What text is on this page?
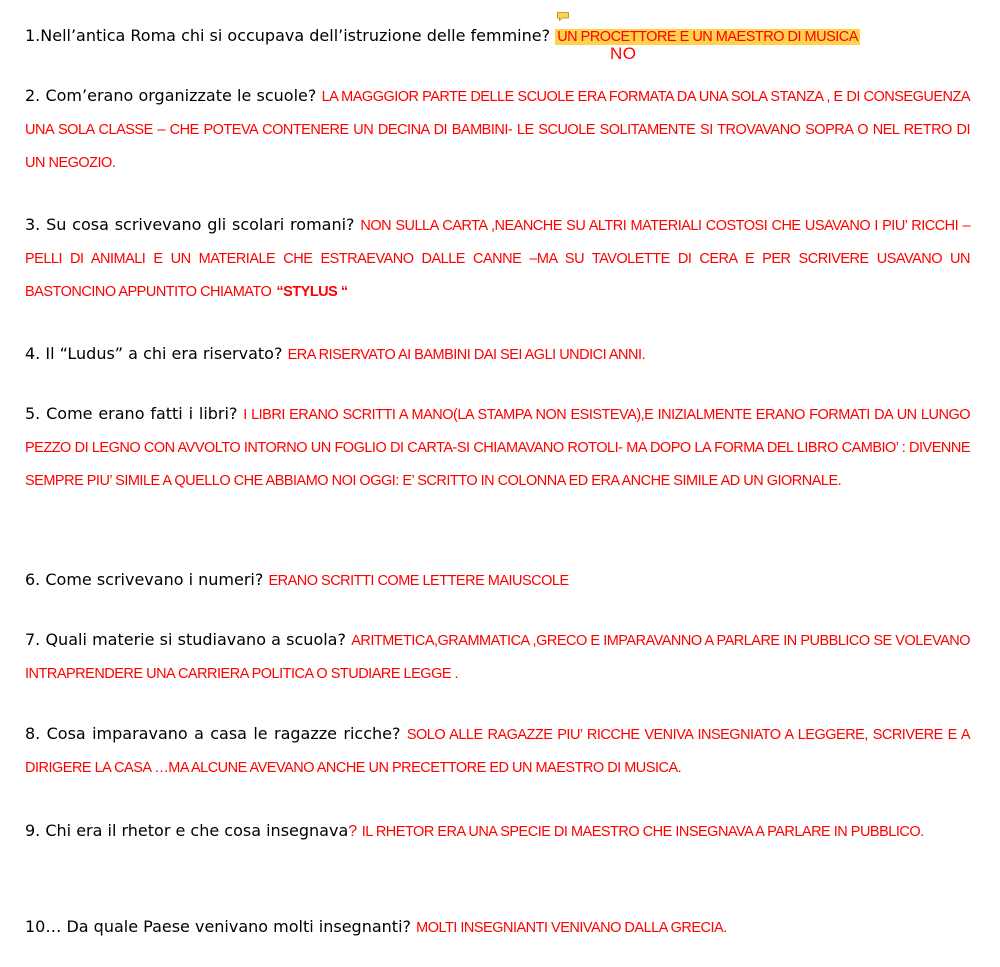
1.Nell’antica Roma chi si occupava dell’istruzione delle femmine? UN PROCETTORE E UN MAESTRO DI MUSICA
NO
2. Com’erano organizzate le scuole? LA MAGGGIOR PARTE DELLE SCUOLE ERA FORMATA DA UNA SOLA STANZA , E DI CONSEGUENZA UNA SOLA CLASSE – CHE POTEVA CONTENERE UN DECINA DI BAMBINI- LE SCUOLE SOLITAMENTE SI TROVAVANO SOPRA O NEL RETRO DI UN NEGOZIO.
3. Su cosa scrivevano gli scolari romani? NON SULLA CARTA ,NEANCHE SU ALTRI MATERIALI COSTOSI CHE USAVANO I PIU’ RICCHI – PELLI DI ANIMALI E UN MATERIALE CHE ESTRAEVANO DALLE CANNE –MA SU TAVOLETTE DI CERA E PER SCRIVERE USAVANO UN BASTONCINO APPUNTITO CHIAMATO “STYLUS “
4. Il “Ludus” a chi era riservato? ERA RISERVATO AI BAMBINI DAI SEI AGLI UNDICI ANNI.
5. Come erano fatti i libri? I LIBRI ERANO SCRITTI A MANO(LA STAMPA NON ESISTEVA),E INIZIALMENTE ERANO FORMATI DA UN LUNGO PEZZO DI LEGNO CON AVVOLTO INTORNO UN FOGLIO DI CARTA-SI CHIAMAVANO ROTOLI- MA DOPO LA FORMA DEL LIBRO CAMBIO’ : DIVENNE SEMPRE PIU’ SIMILE A QUELLO CHE ABBIAMO NOI OGGI: E’ SCRITTO IN COLONNA ED ERA ANCHE SIMILE AD UN GIORNALE.
6. Come scrivevano i numeri? ERANO SCRITTI COME LETTERE MAIUSCOLE
7. Quali materie si studiavano a scuola? ARITMETICA,GRAMMATICA ,GRECO E IMPARAVANNO A PARLARE IN PUBBLICO SE VOLEVANO INTRAPRENDERE UNA CARRIERA POLITICA O STUDIARE LEGGE .
8. Cosa imparavano a casa le ragazze ricche? SOLO ALLE RAGAZZE PIU’ RICCHE VENIVA INSEGNIATO A LEGGERE, SCRIVERE E A DIRIGERE LA CASA …MA ALCUNE AVEVANO ANCHE UN PRECETTORE ED UN MAESTRO DI MUSICA.
9. Chi era il rhetor e che cosa insegnava? IL RHETOR ERA UNA SPECIE DI MAESTRO CHE INSEGNAVA A PARLARE IN PUBBLICO.
10… Da quale Paese venivano molti insegnanti? MOLTI INSEGNIANTI VENIVANO DALLA GRECIA.
